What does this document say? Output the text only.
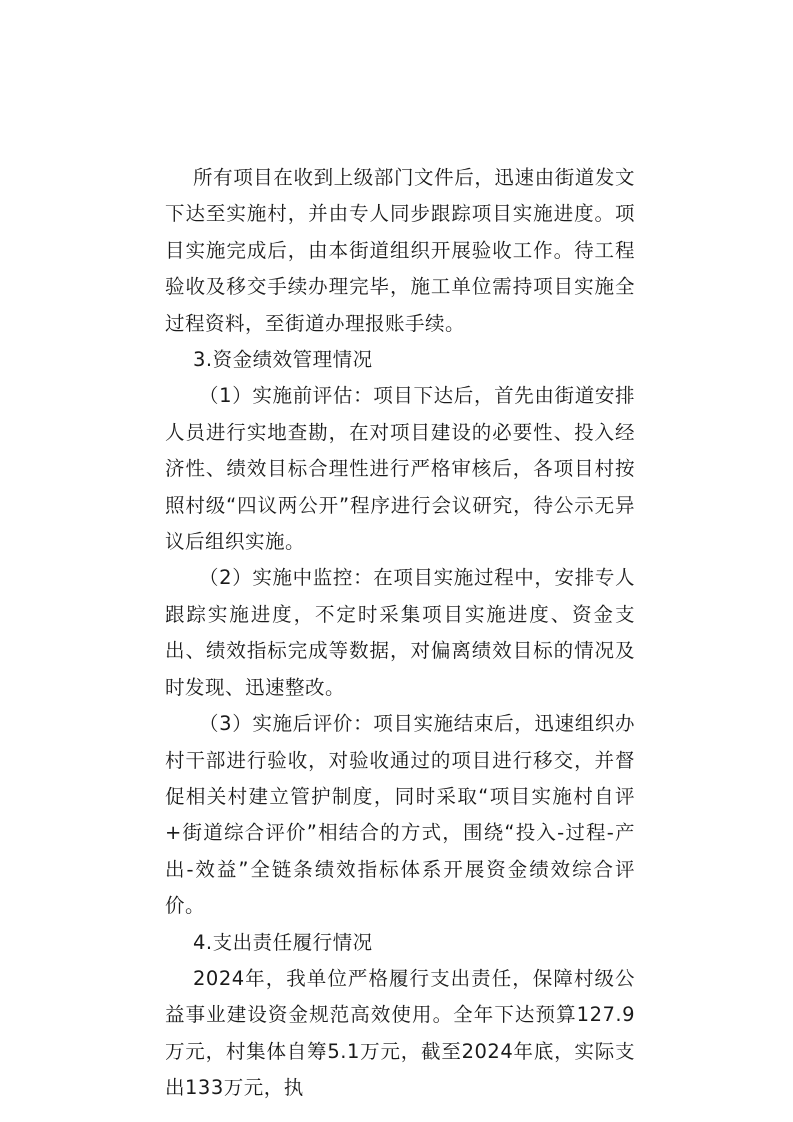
所有项目在收到上级部门文件后，迅速由街道发文下达至实施村，并由专人同步跟踪项目实施进度。项目实施完成后，由本街道组织开展验收工作。待工程验收及移交手续办理完毕，施工单位需持项目实施全过程资料，至街道办理报账手续。

3.资金绩效管理情况

（1）实施前评估：项目下达后，首先由街道安排人员进行实地查勘，在对项目建设的必要性、投入经济性、绩效目标合理性进行严格审核后，各项目村按照村级“四议两公开”程序进行会议研究，待公示无异议后组织实施。

（2）实施中监控：在项目实施过程中，安排专人跟踪实施进度，不定时采集项目实施进度、资金支出、绩效指标完成等数据，对偏离绩效目标的情况及时发现、迅速整改。

（3）实施后评价：项目实施结束后，迅速组织办村干部进行验收，对验收通过的项目进行移交，并督促相关村建立管护制度，同时采取“项目实施村自评+街道综合评价”相结合的方式，围绕“投入-过程-产出-效益”全链条绩效指标体系开展资金绩效综合评价。

4.支出责任履行情况

2024年，我单位严格履行支出责任，保障村级公益事业建设资金规范高效使用。全年下达预算127.9万元，村集体自筹5.1万元，截至2024年底，实际支出133万元，执
